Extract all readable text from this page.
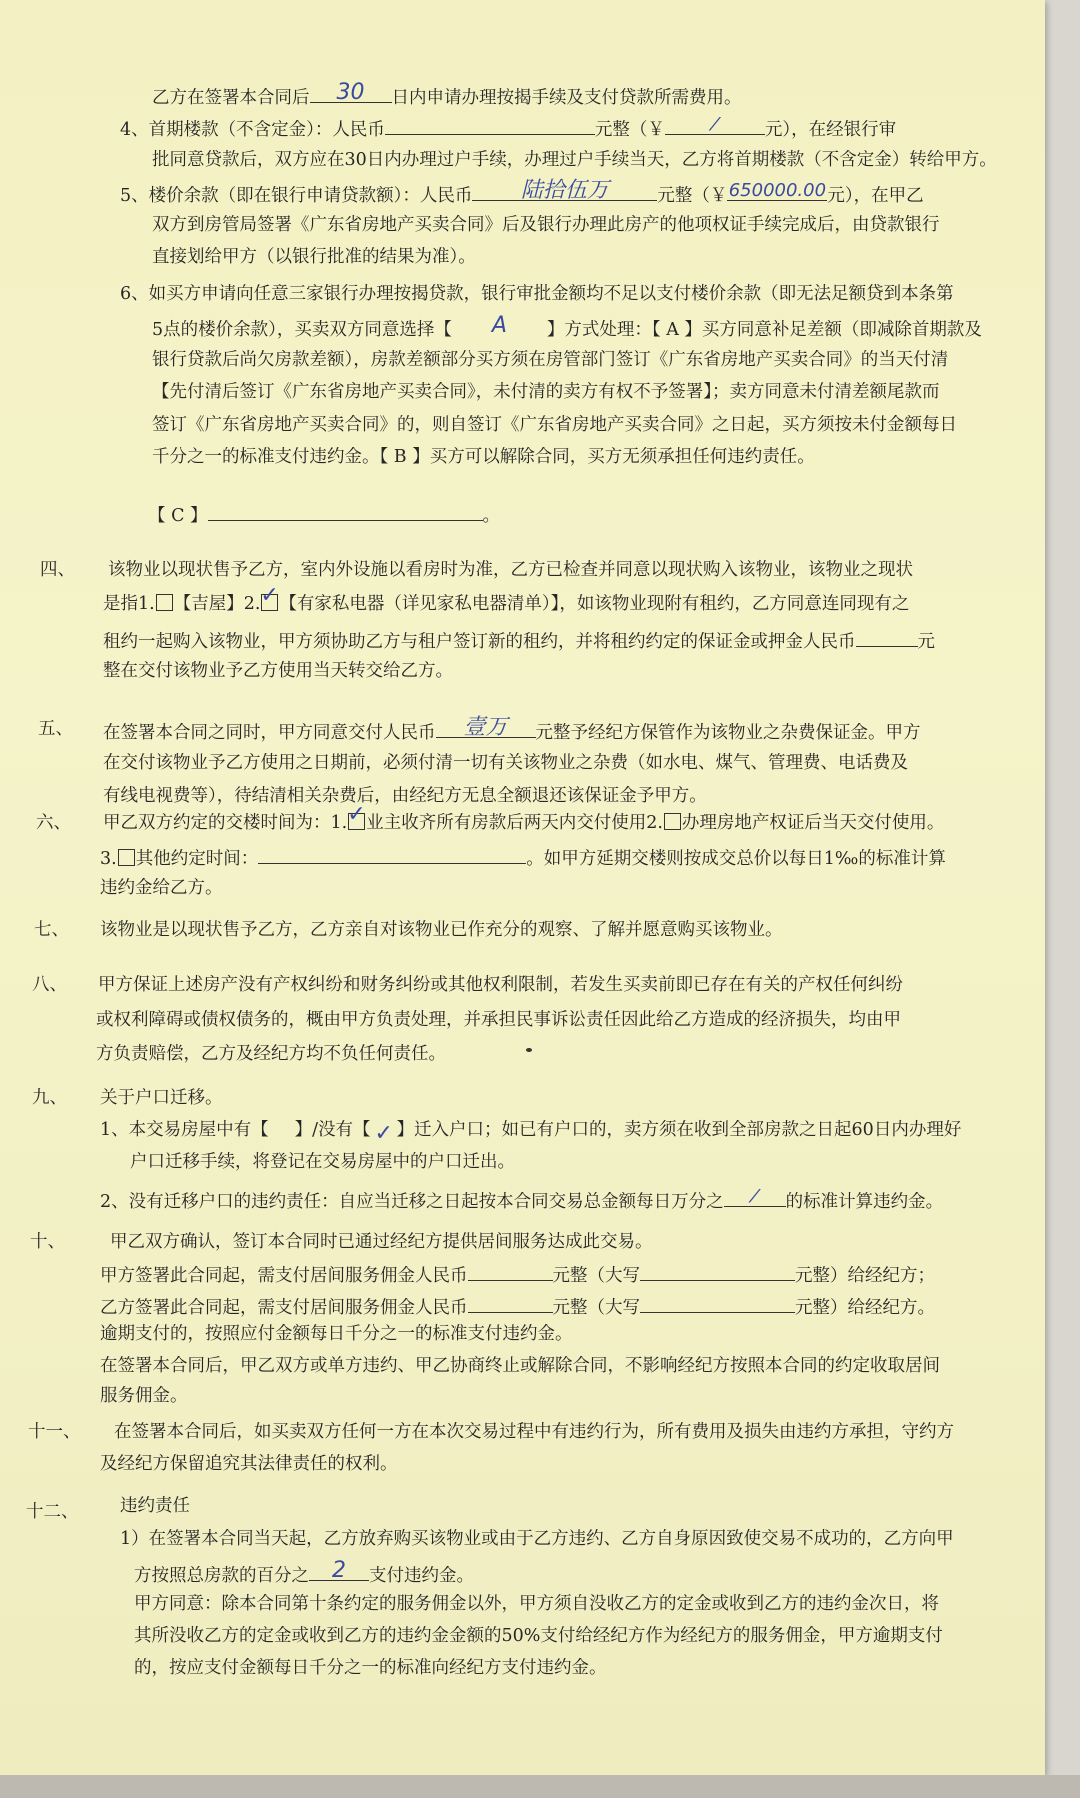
乙方在签署本合同后	30	日内申请办理按揭手续及支付贷款所需费用。
4、首期楼款（不含定金）：人民币	元整（￥	⁄	元），在经银行审
批同意贷款后，双方应在30日内办理过户手续，办理过户手续当天，乙方将首期楼款（不含定金）转给甲方。
5、楼价余款（即在银行申请贷款额）：人民币	陆拾伍万	元整（￥ 650000.00 元），在甲乙
双方到房管局签署《广东省房地产买卖合同》后及银行办理此房产的他项权证手续完成后，由贷款银行
直接划给甲方（以银行批准的结果为准）。
6、如买方申请向任意三家银行办理按揭贷款，银行审批金额均不足以支付楼价余款（即无法足额贷到本条第
5点的楼价余款），买卖双方同意选择【	A	】方式处理：【 A 】买方同意补足差额（即减除首期款及
银行贷款后尚欠房款差额），房款差额部分买方须在房管部门签订《广东省房地产买卖合同》的当天付清
【先付清后签订《广东省房地产买卖合同》，未付清的卖方有权不予签署】；卖方同意未付清差额尾款而
签订《广东省房地产买卖合同》的，则自签订《广东省房地产买卖合同》之日起，买方须按未付金额每日
千分之一的标准支付违约金。【 B 】买方可以解除合同，买方无须承担任何违约责任。
【 C 】	。
四、 该物业以现状售予乙方，室内外设施以看房时为准，乙方已检查并同意以现状购入该物业，该物业之现状
是指1. 【吉屋】2. ✓ 【有家私电器（详见家私电器清单）】，如该物业现附有租约，乙方同意连同现有之
租约一起购入该物业，甲方须协助乙方与租户签订新的租约，并将租约约定的保证金或押金人民币	元
整在交付该物业予乙方使用当天转交给乙方。
五、 在签署本合同之同时，甲方同意交付人民币	壹万	元整予经纪方保管作为该物业之杂费保证金。甲方
在交付该物业予乙方使用之日期前，必须付清一切有关该物业之杂费（如水电、煤气、管理费、电话费及
有线电视费等），待结清相关杂费后，由经纪方无息全额退还该保证金予甲方。
六、 甲乙双方约定的交楼时间为：1. ✓ 业主收齐所有房款后两天内交付使用2. 办理房地产权证后当天交付使用。
3. 其他约定时间：	。如甲方延期交楼则按成交总价以每日1‰的标准计算
违约金给乙方。
七、 该物业是以现状售予乙方，乙方亲自对该物业已作充分的观察、了解并愿意购买该物业。
八、 甲方保证上述房产没有产权纠纷和财务纠纷或其他权利限制，若发生买卖前即已存在有关的产权任何纠纷
或权利障碍或债权债务的，概由甲方负责处理，并承担民事诉讼责任因此给乙方造成的经济损失，均由甲
方负责赔偿，乙方及经纪方均不负任何责任。
九、 关于户口迁移。
1、本交易房屋中有【 】/没有【 ✓ 】迁入户口；如已有户口的，卖方须在收到全部房款之日起60日内办理好
户口迁移手续，将登记在交易房屋中的户口迁出。
2、没有迁移户口的违约责任：自应当迁移之日起按本合同交易总金额每日万分之	⁄	的标准计算违约金。
十、	甲乙双方确认，签订本合同时已通过经纪方提供居间服务达成此交易。
甲方签署此合同起，需支付居间服务佣金人民币	元整（大写	元整）给经纪方；
乙方签署此合同起，需支付居间服务佣金人民币	元整（大写	元整）给经纪方。
逾期支付的，按照应付金额每日千分之一的标准支付违约金。
在签署本合同后，甲乙双方或单方违约、甲乙协商终止或解除合同，不影响经纪方按照本合同的约定收取居间
服务佣金。
十一、 在签署本合同后，如买卖双方任何一方在本次交易过程中有违约行为，所有费用及损失由违约方承担，守约方
及经纪方保留追究其法律责任的权利。
十二、 违约责任
1）在签署本合同当天起，乙方放弃购买该物业或由于乙方违约、乙方自身原因致使交易不成功的，乙方向甲
方按照总房款的百分之	2	支付违约金。
甲方同意：除本合同第十条约定的服务佣金以外，甲方须自没收乙方的定金或收到乙方的违约金次日，将
其所没收乙方的定金或收到乙方的违约金金额的50%支付给经纪方作为经纪方的服务佣金，甲方逾期支付
的，按应支付金额每日千分之一的标准向经纪方支付违约金。
